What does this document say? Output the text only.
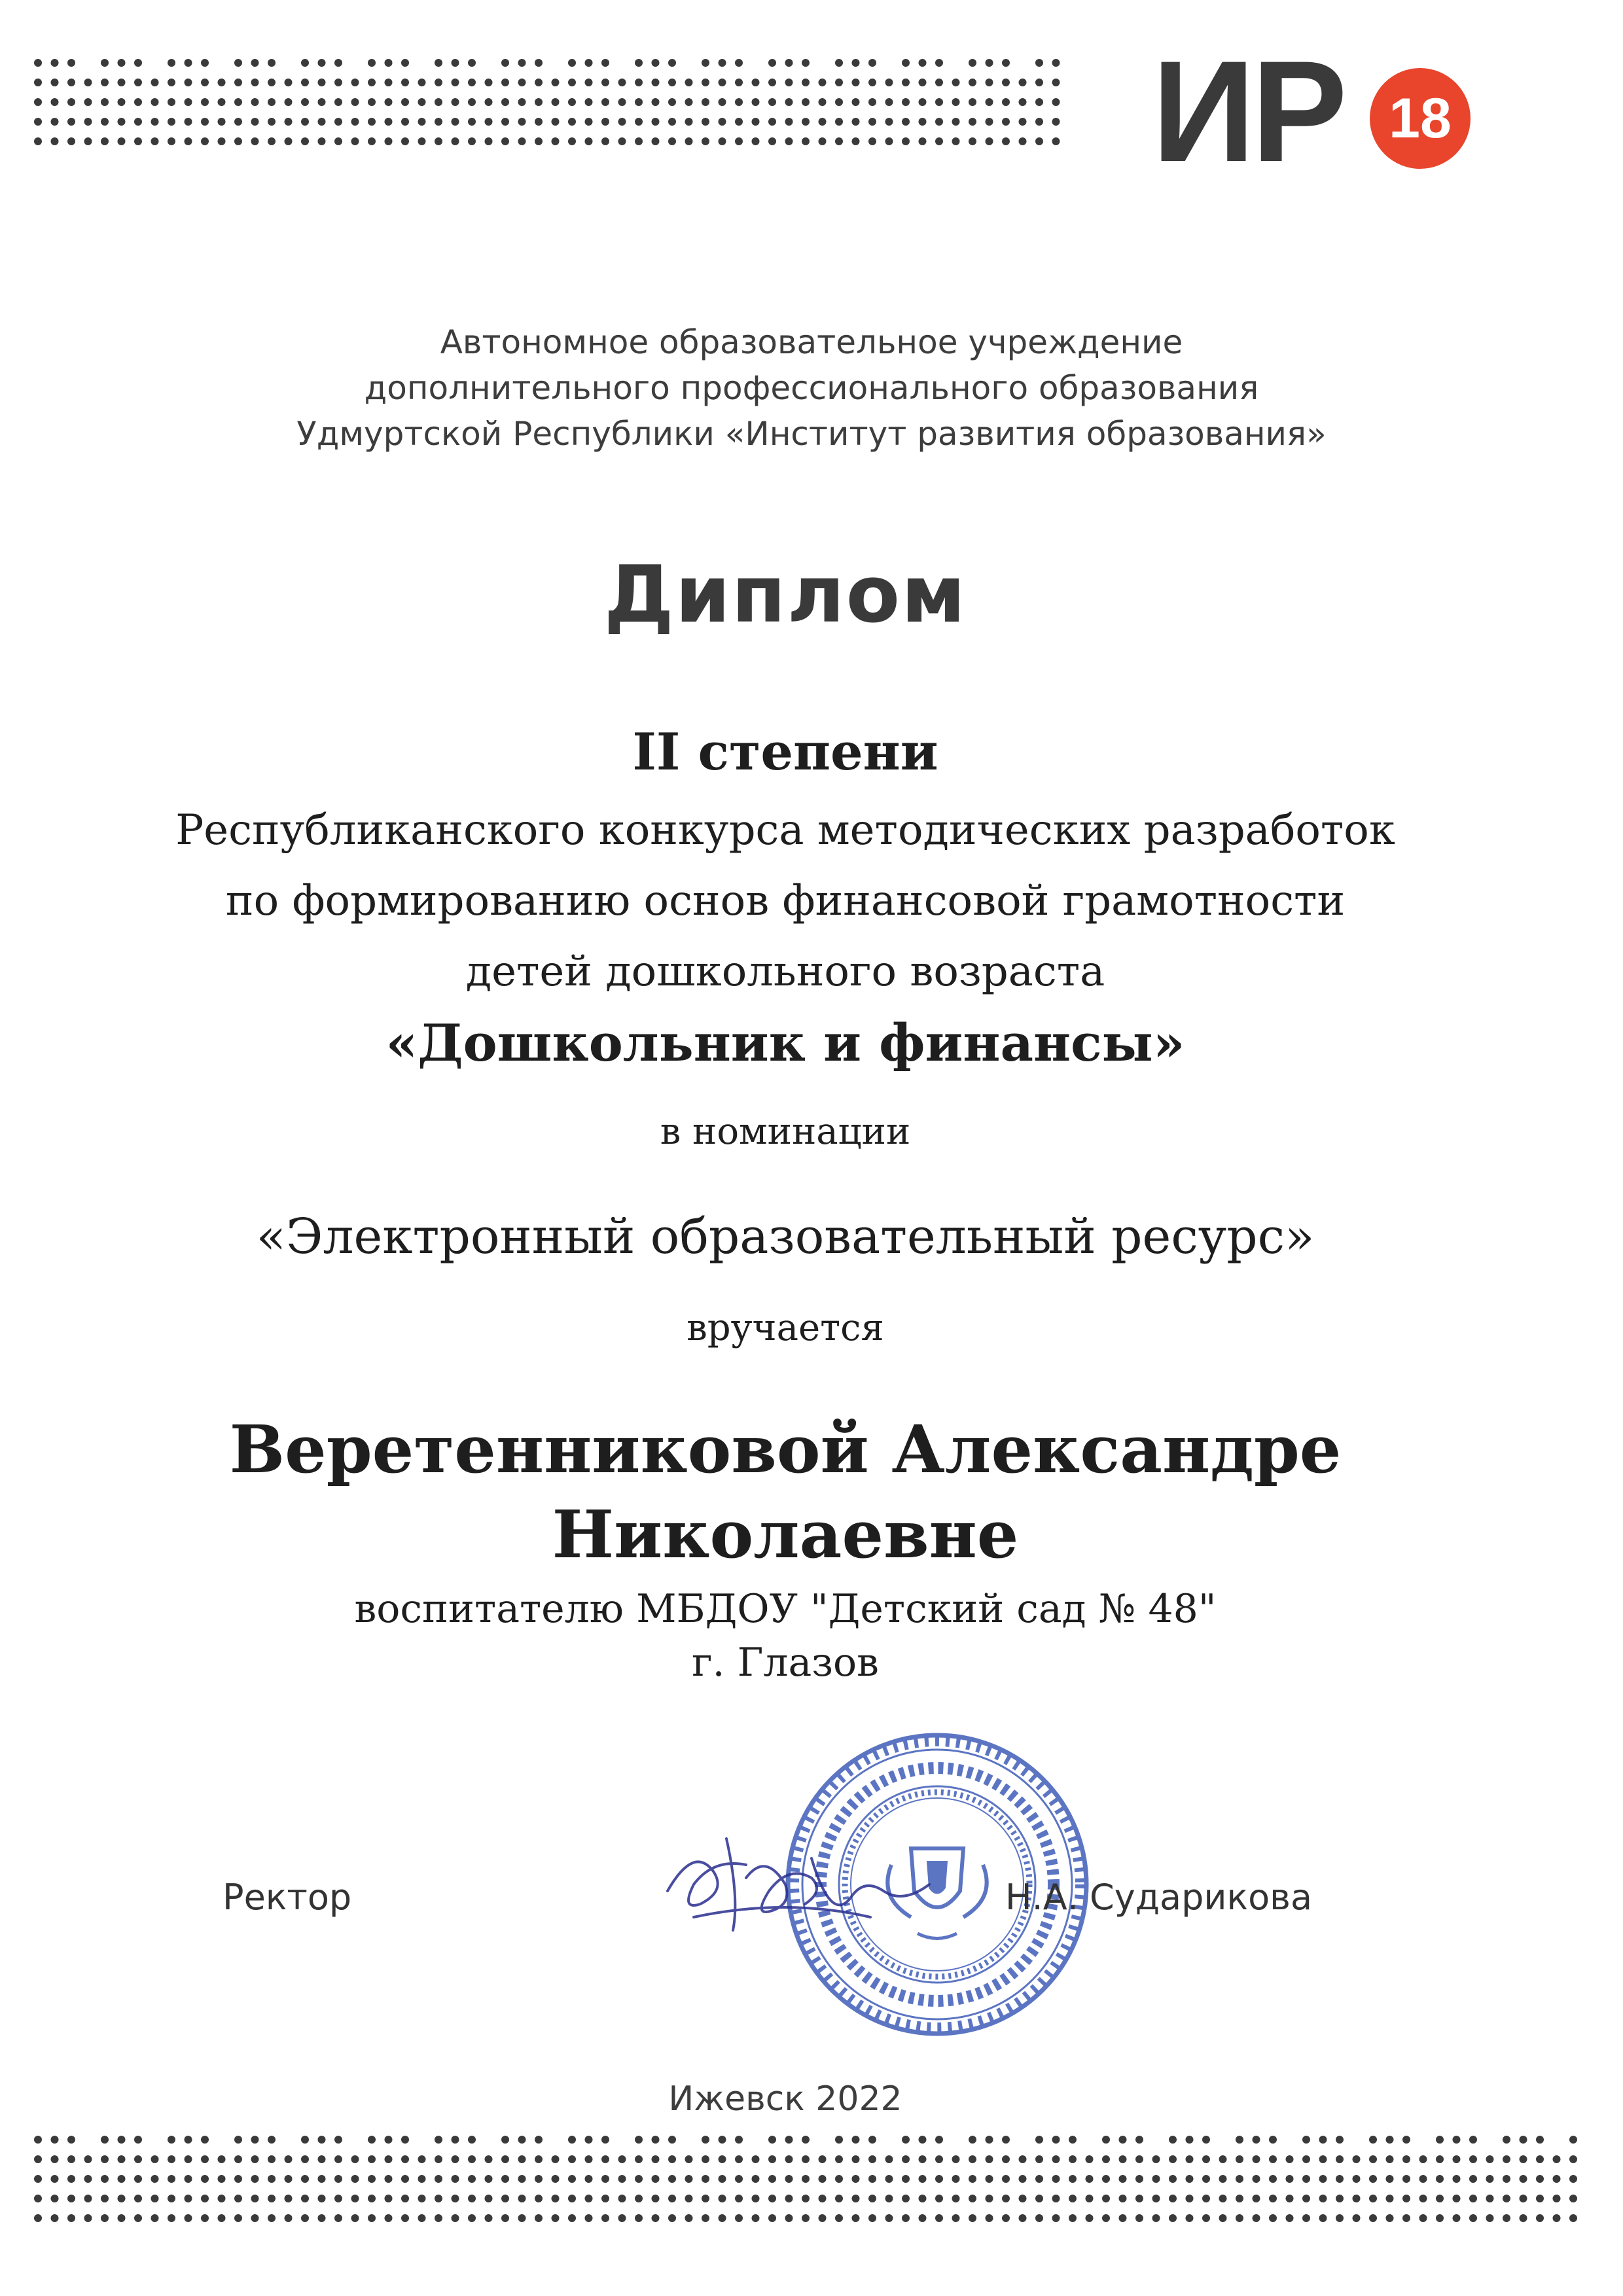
ИР 18
Автономное образовательное учреждение
дополнительного профессионального образования
Удмуртской Республики «Институт развития образования»
Диплом
II степени
Республиканского конкурса методических разработок
по формированию основ финансовой грамотности
детей дошкольного возраста
«Дошкольник и финансы»
в номинации
«Электронный образовательный ресурс»
вручается
Веретенниковой Александре
Николаевне
воспитателю МБДОУ "Детский сад № 48"
г. Глазов
Ректор	Н.А. Сударикова
Ижевск 2022
